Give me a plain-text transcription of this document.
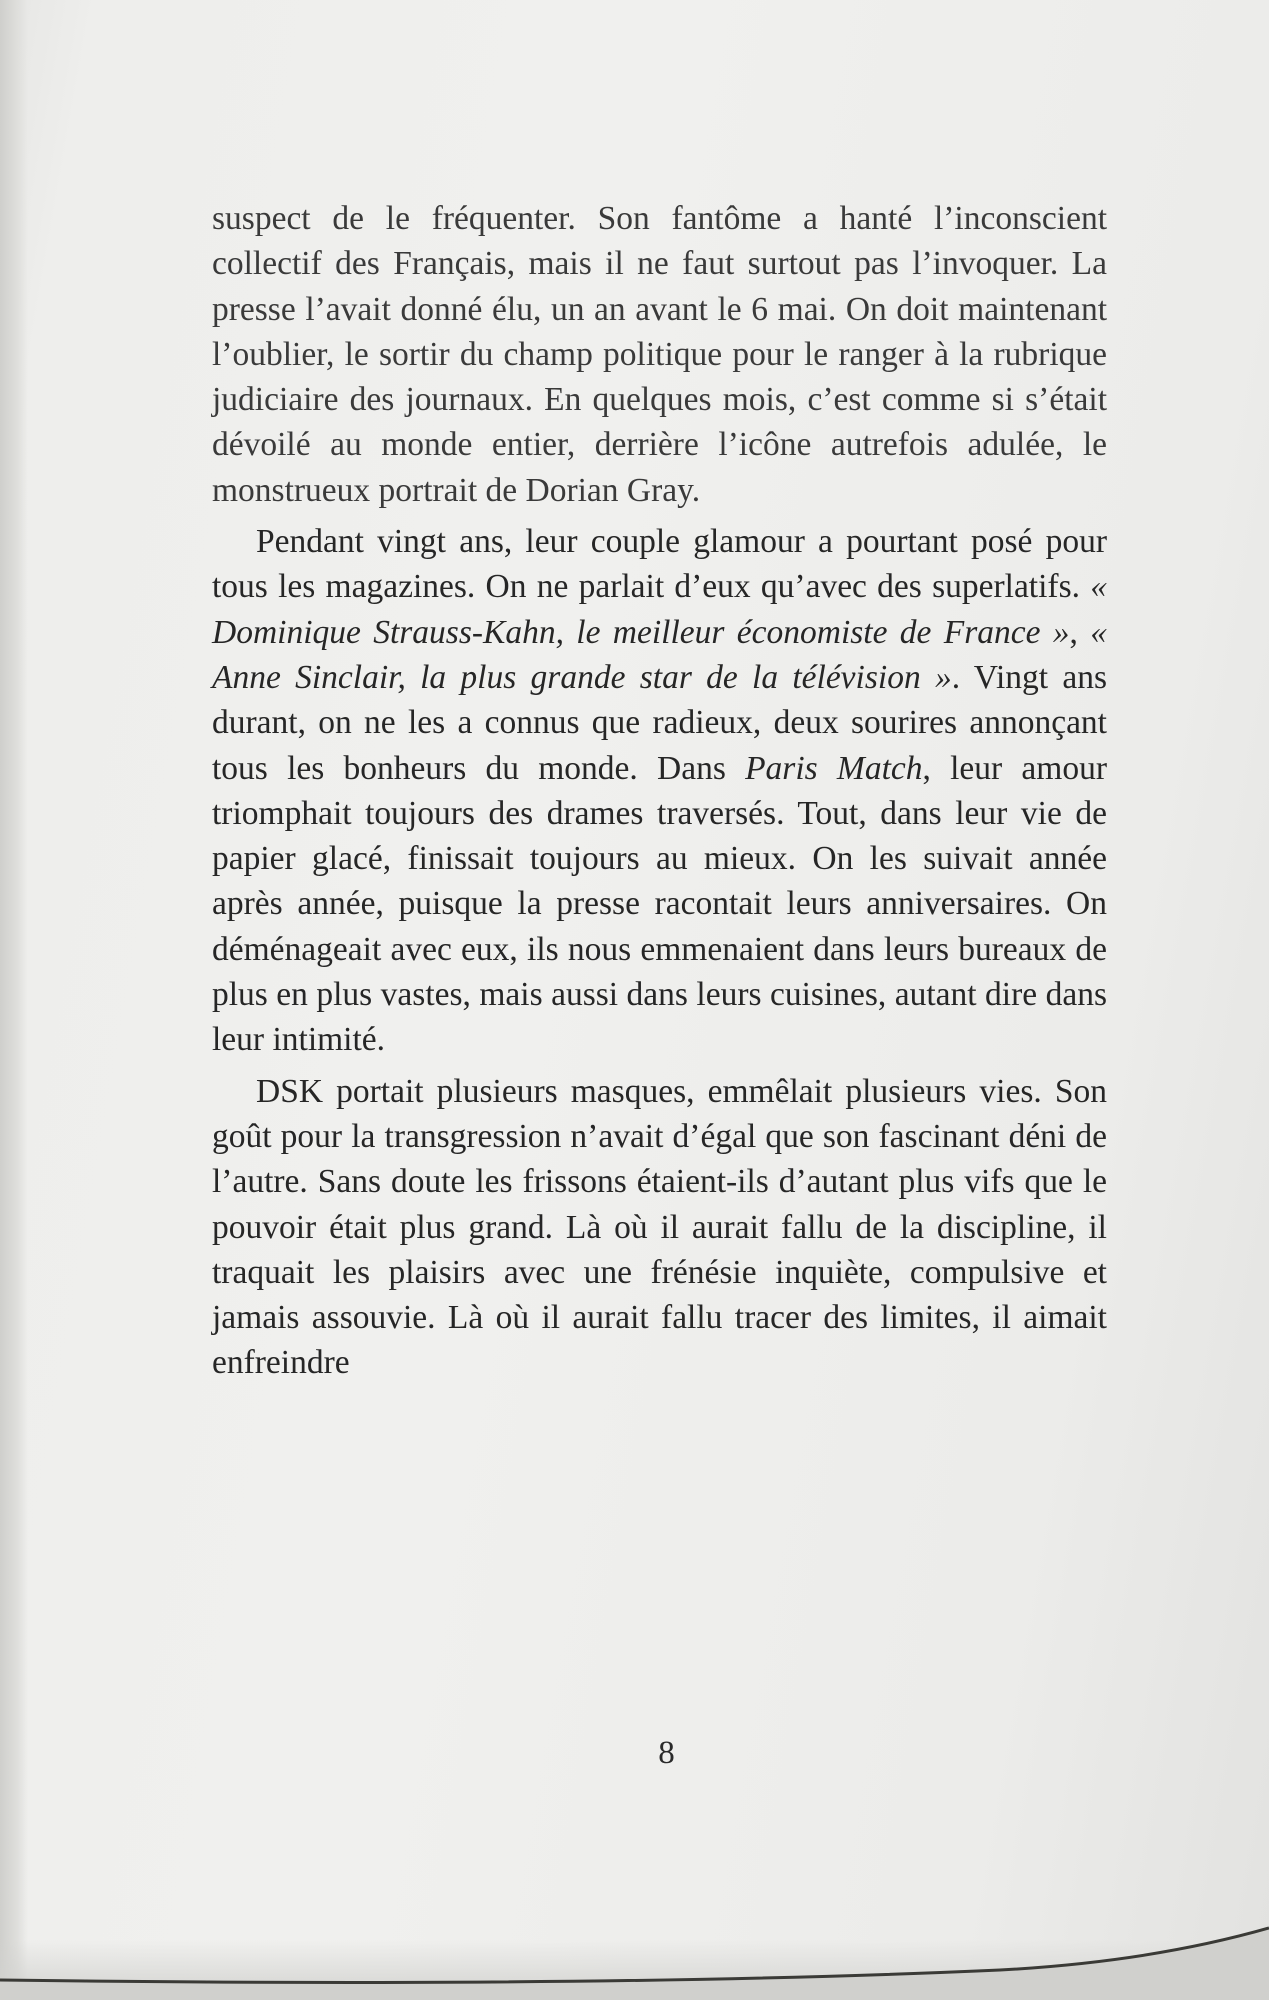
suspect de le fréquenter. Son fantôme a hanté l’inconscient collectif des Français, mais il ne faut surtout pas l’invoquer. La presse l’avait donné élu, un an avant le 6 mai. On doit maintenant l’oublier, le sortir du champ politique pour le ranger à la rubrique judiciaire des journaux. En quelques mois, c’est comme si s’était dévoilé au monde entier, derrière l’icône autrefois adulée, le monstrueux portrait de Dorian Gray.

Pendant vingt ans, leur couple glamour a pourtant posé pour tous les magazines. On ne parlait d’eux qu’avec des superlatifs. « Dominique Strauss-Kahn, le meilleur économiste de France », « Anne Sinclair, la plus grande star de la télévision ». Vingt ans durant, on ne les a connus que radieux, deux sourires annonçant tous les bonheurs du monde. Dans Paris Match, leur amour triomphait toujours des drames traversés. Tout, dans leur vie de papier glacé, finissait toujours au mieux. On les suivait année après année, puisque la presse racontait leurs anniversaires. On déménageait avec eux, ils nous emmenaient dans leurs bureaux de plus en plus vastes, mais aussi dans leurs cuisines, autant dire dans leur intimité.

DSK portait plusieurs masques, emmêlait plusieurs vies. Son goût pour la transgression n’avait d’égal que son fascinant déni de l’autre. Sans doute les frissons étaient-ils d’autant plus vifs que le pouvoir était plus grand. Là où il aurait fallu de la discipline, il traquait les plaisirs avec une frénésie inquiète, compulsive et jamais assouvie. Là où il aurait fallu tracer des limites, il aimait enfreindre

8
